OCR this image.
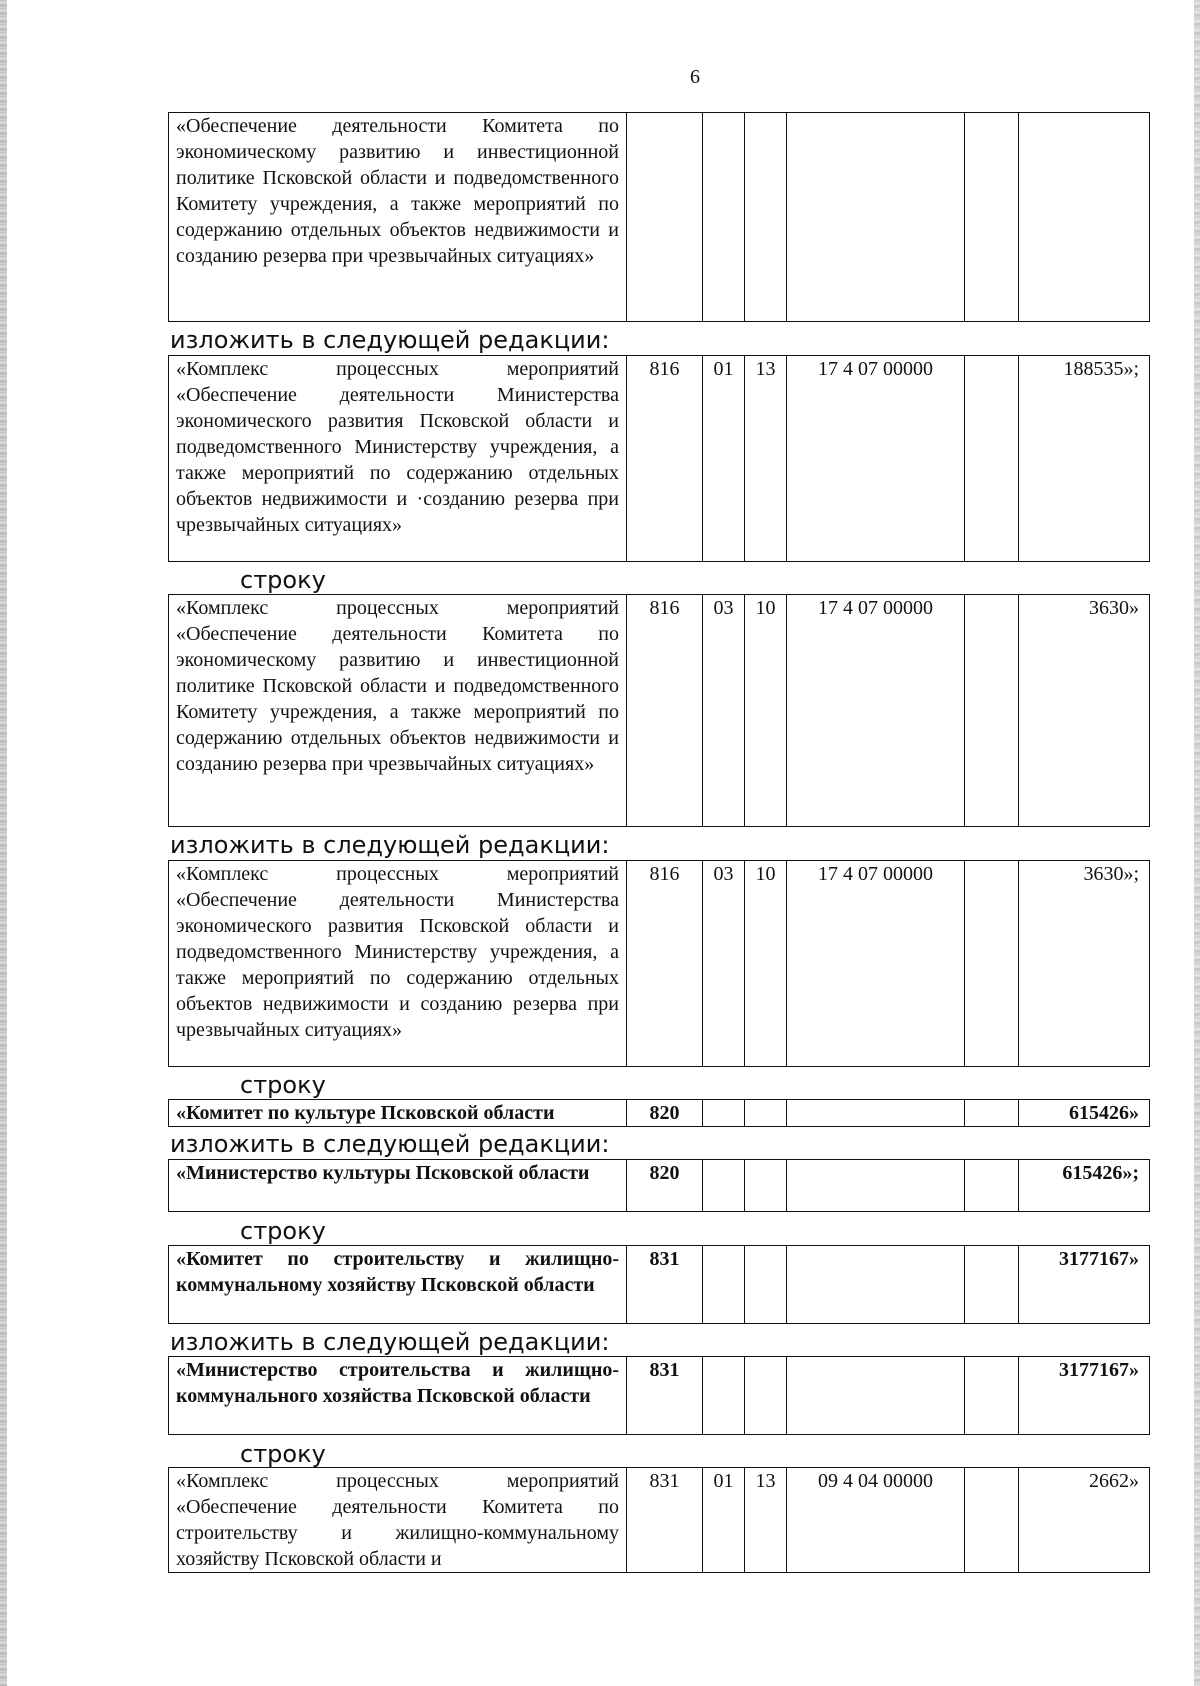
6
«Обеспечение деятельности Комитета по экономическому развитию и инвестиционной политике Псковской области и подведомственного Комитету учреждения, а также мероприятий по содержанию отдельных объектов недвижимости и созданию резерва при чрезвычайных ситуациях»						
изложить в следующей редакции:
«Комплекс процессных мероприятий «Обеспечение деятельности Министерства экономического развития Псковской области и подведомственного Министерству учреждения, а также мероприятий по содержанию отдельных объектов недвижимости и ·созданию резерва при чрезвычайных ситуациях»	816	01	13	17 4 07 00000		188535»;
строку
«Комплекс процессных мероприятий «Обеспечение деятельности Комитета по экономическому развитию и инвестиционной политике Псковской области и подведомственного Комитету учреждения, а также мероприятий по содержанию отдельных объектов недвижимости и созданию резерва при чрезвычайных ситуациях»	816	03	10	17 4 07 00000		3630»
изложить в следующей редакции:
«Комплекс процессных мероприятий «Обеспечение деятельности Министерства экономического развития Псковской области и подведомственного Министерству учреждения, а также мероприятий по содержанию отдельных объектов недвижимости и созданию резерва при чрезвычайных ситуациях»	816	03	10	17 4 07 00000		3630»;
строку
«Комитет по культуре Псковской области	820					615426»
изложить в следующей редакции:
«Министерство культуры Псковской области	820					615426»;
строку
«Комитет по строительству и жилищно-коммунальному хозяйству Псковской области	831					3177167»
изложить в следующей редакции:
«Министерство строительства и жилищно-коммунального хозяйства Псковской области	831					3177167»
строку
«Комплекс процессных мероприятий «Обеспечение деятельности Комитета по строительству и жилищно-коммунальному хозяйству Псковской области и	831	01	13	09 4 04 00000		2662»
